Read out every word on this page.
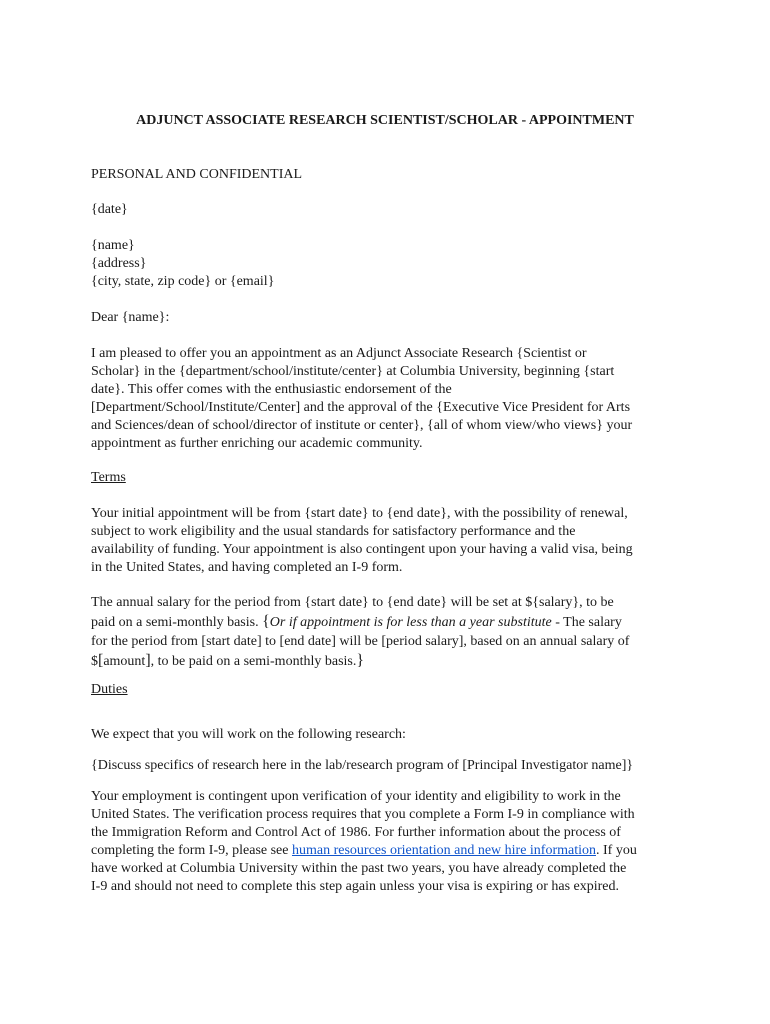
ADJUNCT ASSOCIATE RESEARCH SCIENTIST/SCHOLAR - APPOINTMENT
PERSONAL AND CONFIDENTIAL
{date}
{name}
{address}
{city, state, zip code} or {email}
Dear {name}:
I am pleased to offer you an appointment as an Adjunct Associate Research {Scientist or
Scholar} in the {department/school/institute/center} at Columbia University, beginning {start
date}. This offer comes with the enthusiastic endorsement of the
[Department/School/Institute/Center] and the approval of the {Executive Vice President for Arts
and Sciences/dean of school/director of institute or center}, {all of whom view/who views} your
appointment as further enriching our academic community.
Terms
Your initial appointment will be from {start date} to {end date}, with the possibility of renewal,
subject to work eligibility and the usual standards for satisfactory performance and the
availability of funding. Your appointment is also contingent upon your having a valid visa, being
in the United States, and having completed an I-9 form.
The annual salary for the period from {start date} to {end date} will be set at ${salary}, to be
paid on a semi-monthly basis. {Or if appointment is for less than a year substitute - The salary
for the period from [start date] to [end date] will be [period salary], based on an annual salary of
$[amount], to be paid on a semi-monthly basis.}
Duties
We expect that you will work on the following research:
{Discuss specifics of research here in the lab/research program of [Principal Investigator name]}
Your employment is contingent upon verification of your identity and eligibility to work in the
United States. The verification process requires that you complete a Form I-9 in compliance with
the Immigration Reform and Control Act of 1986. For further information about the process of
completing the form I-9, please see human resources orientation and new hire information. If you
have worked at Columbia University within the past two years, you have already completed the
I-9 and should not need to complete this step again unless your visa is expiring or has expired.
